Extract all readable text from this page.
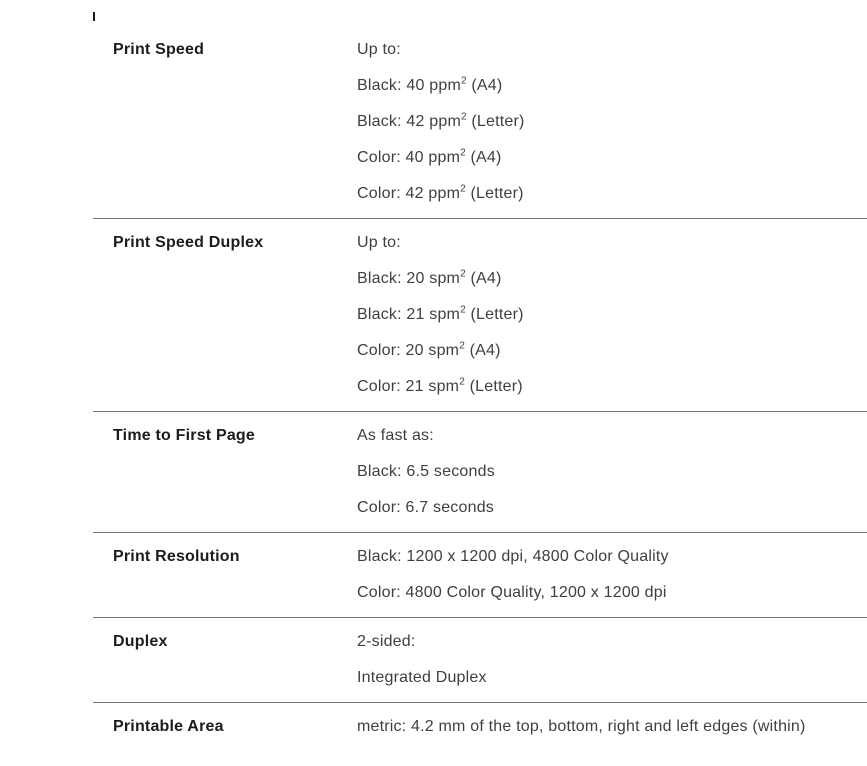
Print Speed	Up to:
Black: 40 ppm$^2$ (A4)
Black: 42 ppm$^2$ (Letter)
Color: 40 ppm$^2$ (A4)
Color: 42 ppm$^2$ (Letter)
Print Speed Duplex	Up to:
Black: 20 spm$^2$ (A4)
Black: 21 spm$^2$ (Letter)
Color: 20 spm$^2$ (A4)
Color: 21 spm$^2$ (Letter)
Time to First Page	As fast as:
Black: 6.5 seconds
Color: 6.7 seconds
Print Resolution	Black: 1200 x 1200 dpi, 4800 Color Quality
Color: 4800 Color Quality, 1200 x 1200 dpi
Duplex	2-sided:
Integrated Duplex
Printable Area	metric: 4.2 mm of the top, bottom, right and left edges (within)
